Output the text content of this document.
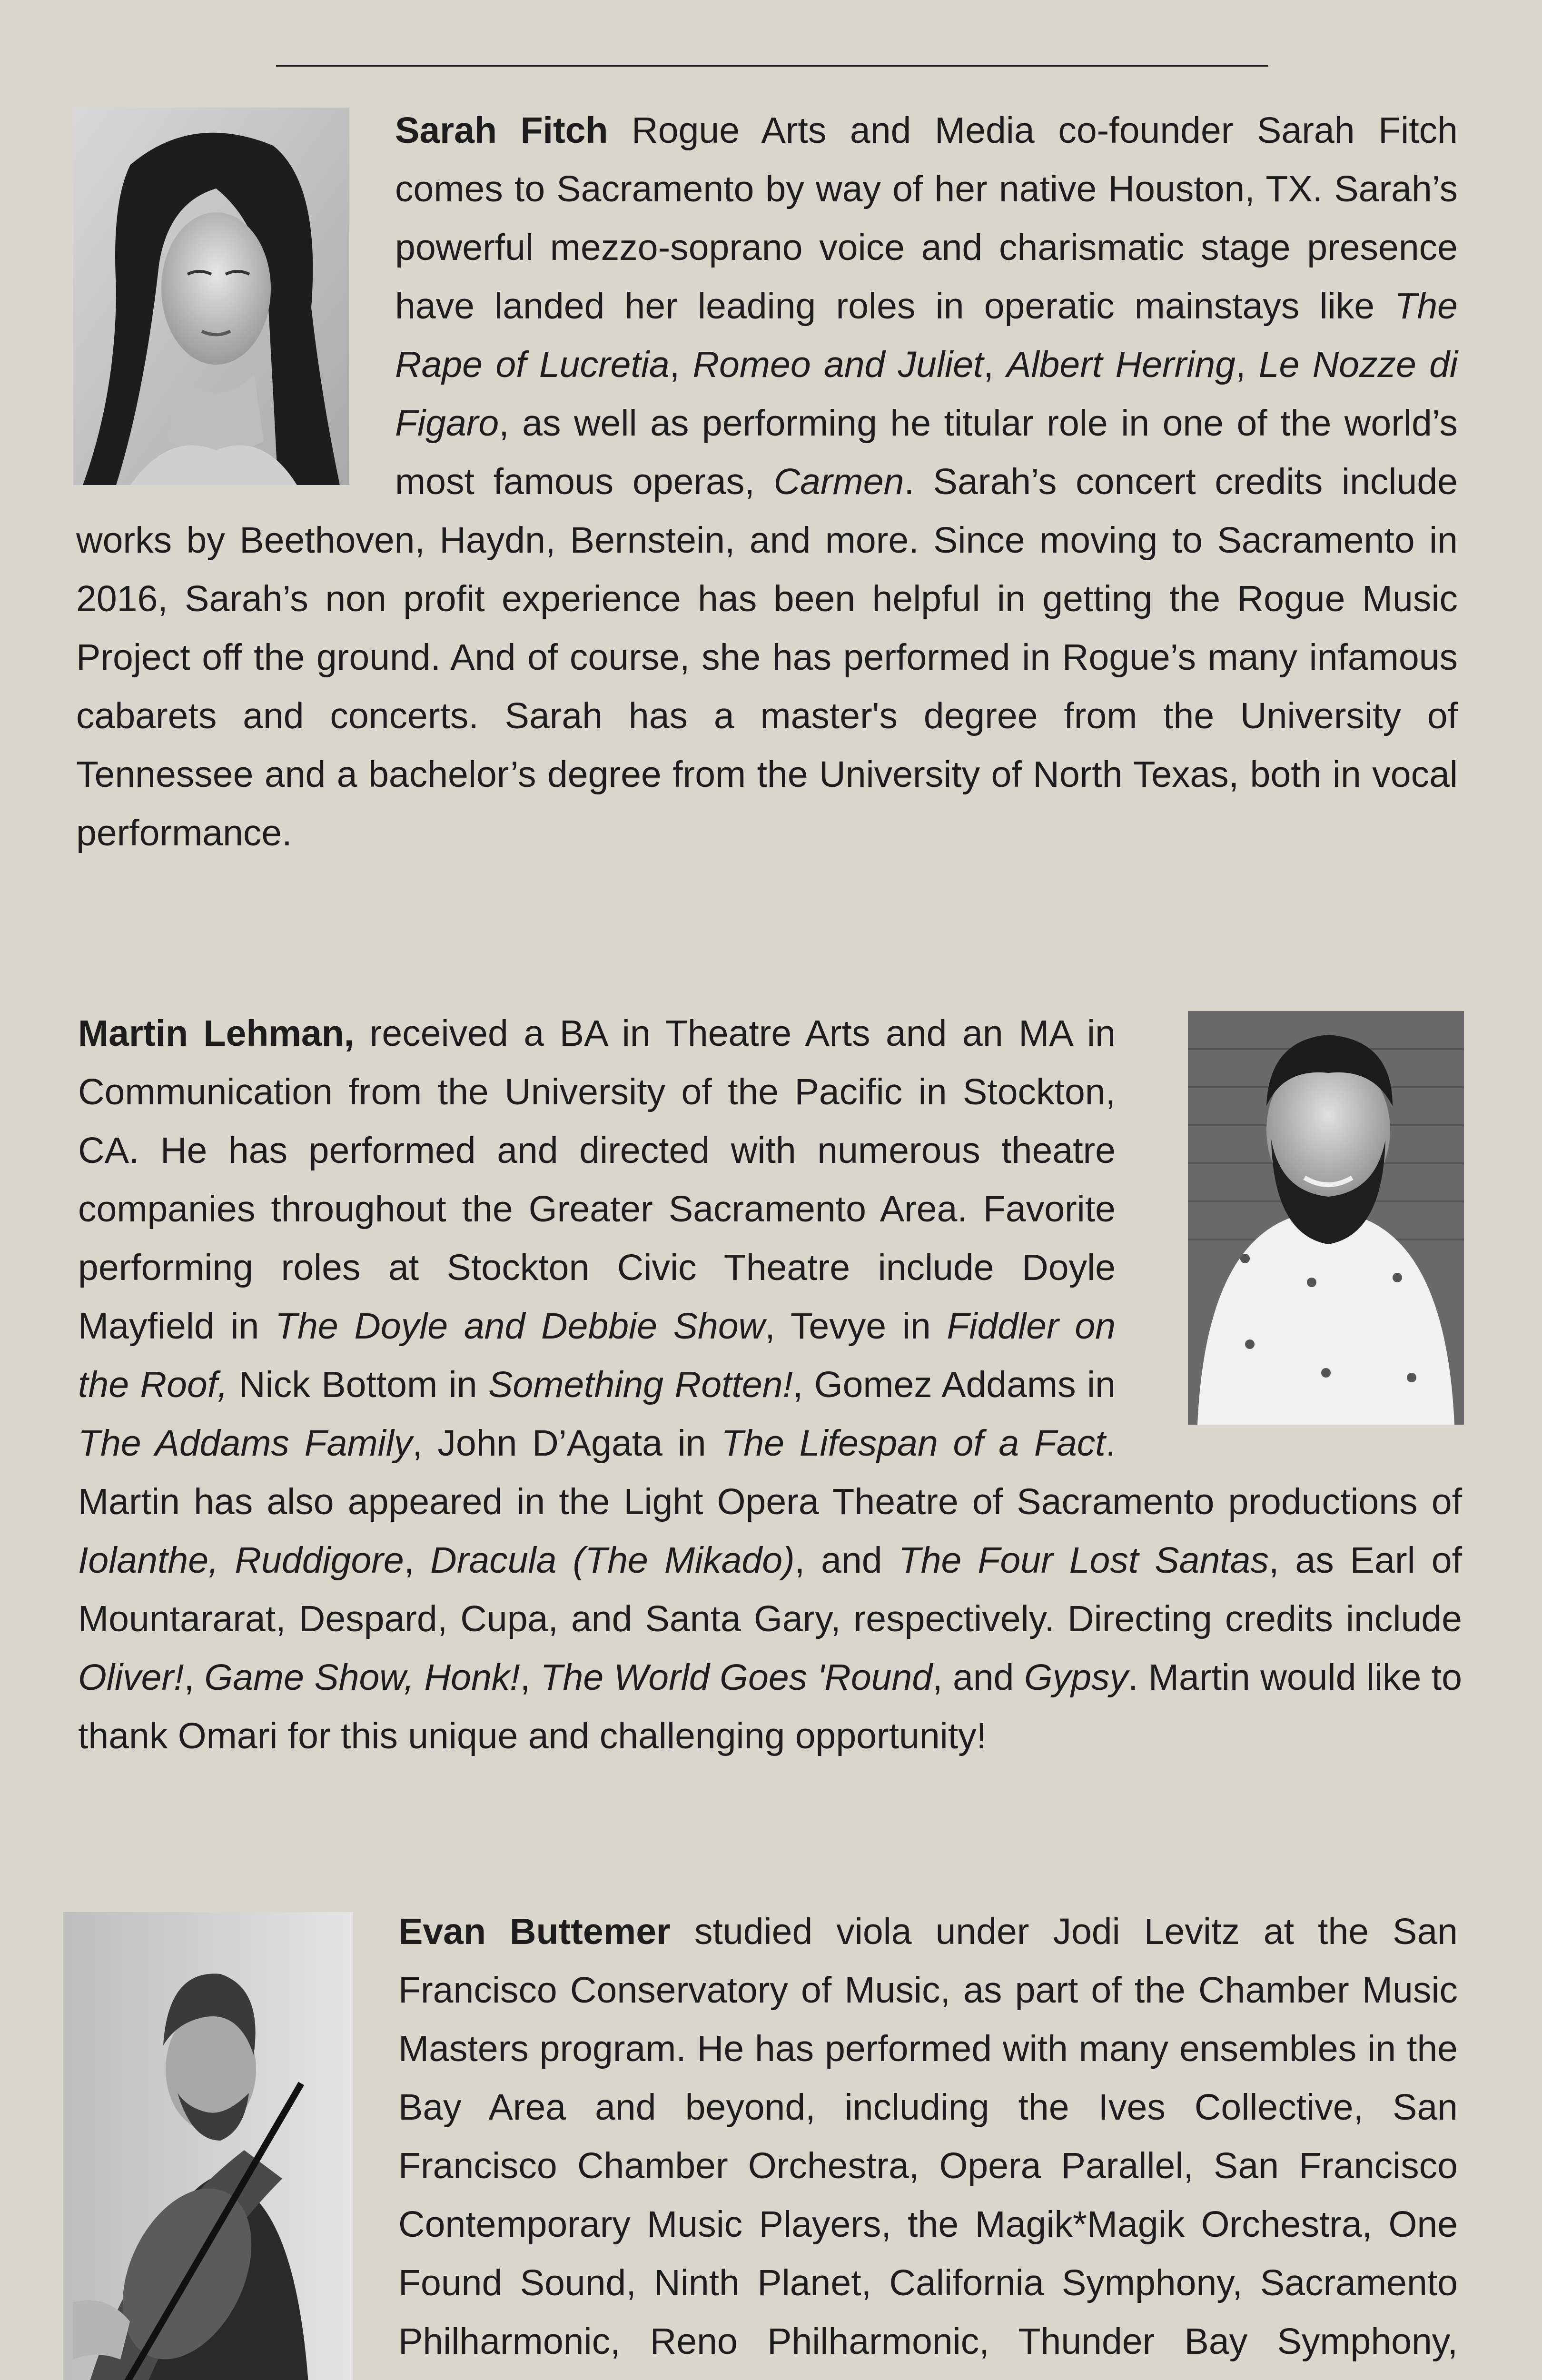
Sarah Fitch Rogue Arts and Media co-founder Sarah Fitch comes to Sacramento by way of her native Houston, TX. Sarah’s powerful mezzo-soprano voice and charismatic stage presence have landed her leading roles in operatic mainstays like The Rape of Lucretia, Romeo and Juliet, Albert Herring, Le Nozze di Figaro, as well as performing he titular role in one of the world’s most famous operas, Carmen. Sarah’s concert credits include works by Beethoven, Haydn, Bernstein, and more. Since moving to Sacramento in 2016, Sarah’s non profit experience has been helpful in getting the Rogue Music Project off the ground. And of course, she has performed in Rogue’s many infamous cabarets and concerts. Sarah has a master's degree from the University of Tennessee and a bachelor’s degree from the University of North Texas, both in vocal performance.

Martin Lehman, received a BA in Theatre Arts and an MA in Communication from the University of the Pacific in Stockton, CA. He has performed and directed with numerous theatre companies throughout the Greater Sacramento Area. Favorite performing roles at Stockton Civic Theatre include Doyle Mayfield in The Doyle and Debbie Show, Tevye in Fiddler on the Roof, Nick Bottom in Something Rotten!, Gomez Addams in The Addams Family, John D’Agata in The Lifespan of a Fact. Martin has also appeared in the Light Opera Theatre of Sacramento productions of Iolanthe, Ruddigore, Dracula (The Mikado), and The Four Lost Santas, as Earl of Mountararat, Despard, Cupa, and Santa Gary, respectively. Directing credits include Oliver!, Game Show, Honk!, The World Goes 'Round, and Gypsy. Martin would like to thank Omari for this unique and challenging opportunity!

Evan Buttemer studied viola under Jodi Levitz at the San Francisco Conservatory of Music, as part of the Chamber Music Masters program. He has performed with many ensembles in the Bay Area and beyond, including the Ives Collective, San Francisco Chamber Orchestra, Opera Parallel, San Francisco Contemporary Music Players, the Magik*Magik Orchestra, One Found Sound, Ninth Planet, California Symphony, Sacramento Philharmonic, Reno Philharmonic, Thunder Bay Symphony,
